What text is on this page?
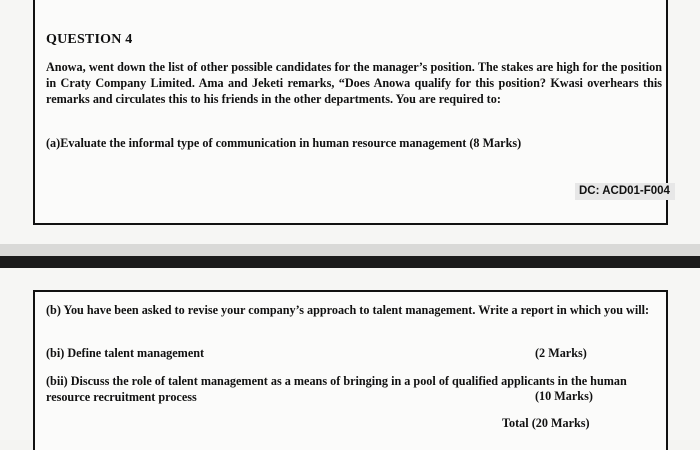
QUESTION 4

Anowa, went down the list of other possible candidates for the manager’s position. The stakes are high for the position in Craty Company Limited. Ama and Jeketi remarks, “Does Anowa qualify for this position? Kwasi overhears this remarks and circulates this to his friends in the other departments. You are required to:

(a)Evaluate the informal type of communication in human resource management (8 Marks)
DC: ACD01-F004

(b) You have been asked to revise your company’s approach to talent management. Write a report in which you will:

(bi) Define talent management	(2 Marks)

(bii) Discuss the role of talent management as a means of bringing in a pool of qualified applicants in the human resource recruitment process	(10 Marks)
Total (20 Marks)
